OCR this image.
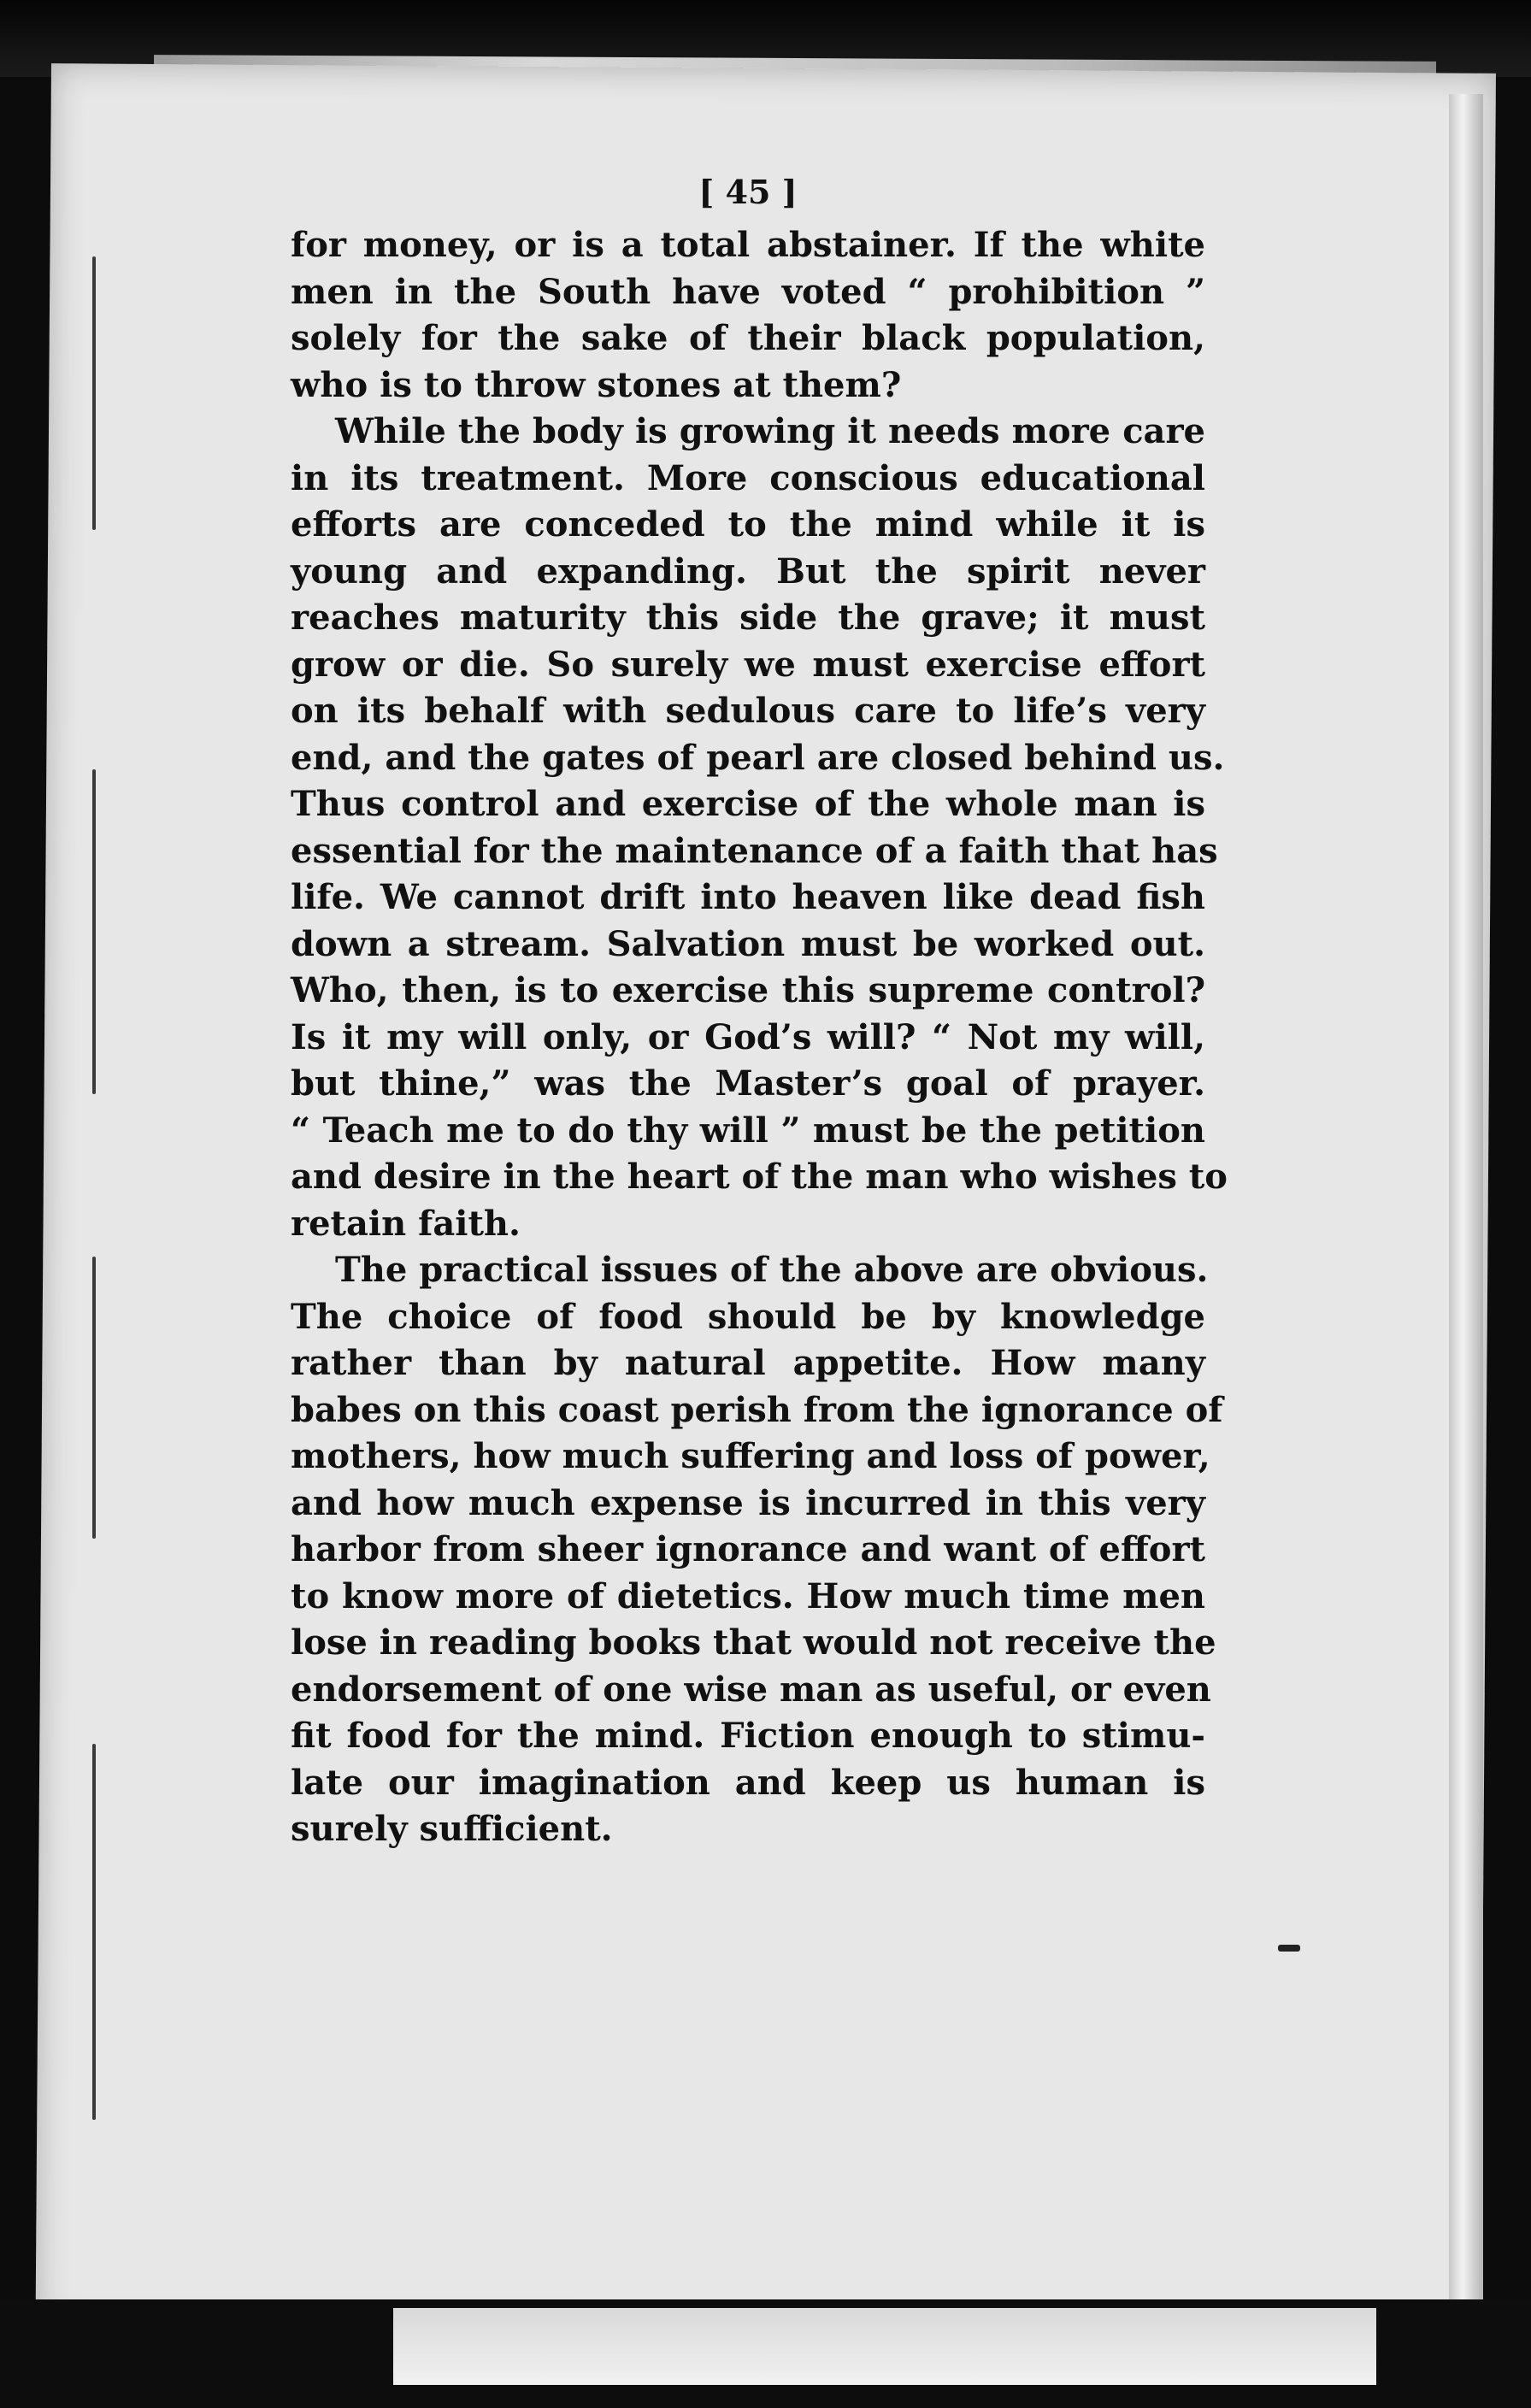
[ 45 ]
for money, or is a total abstainer. If the white
men in the South have voted “ prohibition ”
solely for the sake of their black population,
who is to throw stones at them?
While the body is growing it needs more care
in its treatment. More conscious educational
efforts are conceded to the mind while it is
young and expanding. But the spirit never
reaches maturity this side the grave; it must
grow or die. So surely we must exercise effort
on its behalf with sedulous care to life’s very
end, and the gates of pearl are closed behind us.
Thus control and exercise of the whole man is
essential for the maintenance of a faith that has
life. We cannot drift into heaven like dead fish
down a stream. Salvation must be worked out.
Who, then, is to exercise this supreme control?
Is it my will only, or God’s will? “ Not my will,
but thine,” was the Master’s goal of prayer.
“ Teach me to do thy will ” must be the petition
and desire in the heart of the man who wishes to
retain faith.
The practical issues of the above are obvious.
The choice of food should be by knowledge
rather than by natural appetite. How many
babes on this coast perish from the ignorance of
mothers, how much suffering and loss of power,
and how much expense is incurred in this very
harbor from sheer ignorance and want of effort
to know more of dietetics. How much time men
lose in reading books that would not receive the
endorsement of one wise man as useful, or even
fit food for the mind. Fiction enough to stimu-
late our imagination and keep us human is
surely sufficient.
